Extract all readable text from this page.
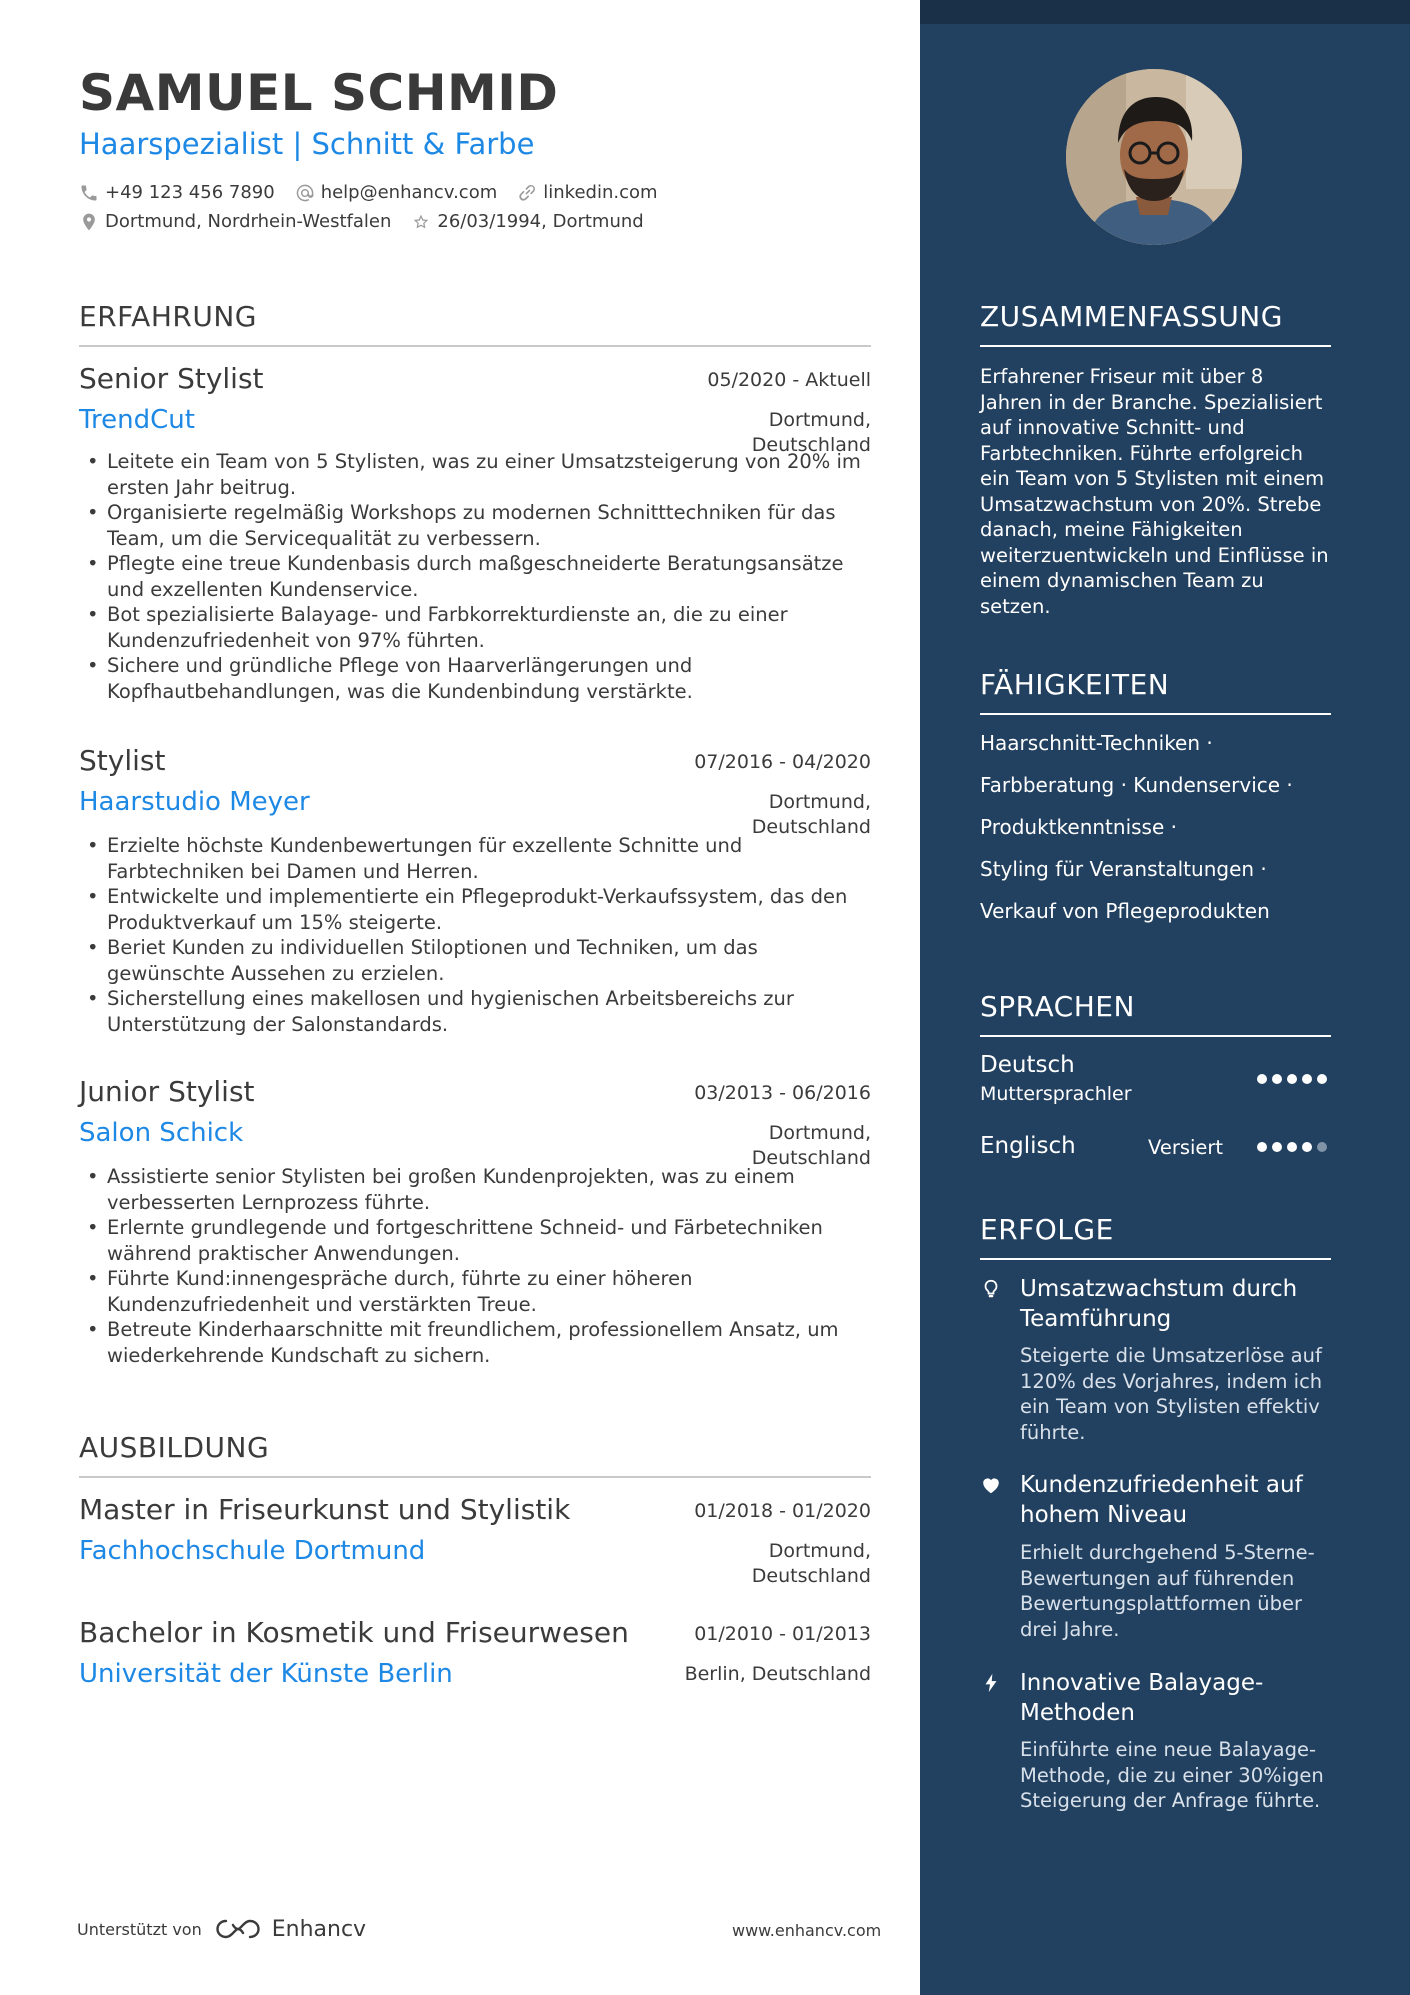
SAMUEL SCHMID
Haarspezialist | Schnitt & Farbe
+49 123 456 7890	help@enhancv.com	linkedin.com
Dortmund, Nordrhein-Westfalen	26/03/1994, Dortmund
ERFAHRUNG
Senior Stylist	05/2020 - Aktuell
TrendCut	Dortmund,
Deutschland
• Leitete ein Team von 5 Stylisten, was zu einer Umsatzsteigerung von 20% im ersten Jahr beitrug.
• Organisierte regelmäßig Workshops zu modernen Schnitttechniken für das Team, um die Servicequalität zu verbessern.
• Pflegte eine treue Kundenbasis durch maßgeschneiderte Beratungsansätze und exzellenten Kundenservice.
• Bot spezialisierte Balayage- und Farbkorrekturdienste an, die zu einer Kundenzufriedenheit von 97% führten.
• Sichere und gründliche Pflege von Haarverlängerungen und Kopfhautbehandlungen, was die Kundenbindung verstärkte.
Stylist	07/2016 - 04/2020
Haarstudio Meyer	Dortmund,
Deutschland
• Erzielte höchste Kundenbewertungen für exzellente Schnitte und Farbtechniken bei Damen und Herren.
• Entwickelte und implementierte ein Pflegeprodukt-Verkaufssystem, das den Produktverkauf um 15% steigerte.
• Beriet Kunden zu individuellen Stiloptionen und Techniken, um das gewünschte Aussehen zu erzielen.
• Sicherstellung eines makellosen und hygienischen Arbeitsbereichs zur Unterstützung der Salonstandards.
Junior Stylist	03/2013 - 06/2016
Salon Schick	Dortmund,
Deutschland
• Assistierte senior Stylisten bei großen Kundenprojekten, was zu einem verbesserten Lernprozess führte.
• Erlernte grundlegende und fortgeschrittene Schneid- und Färbetechniken während praktischer Anwendungen.
• Führte Kund:innengespräche durch, führte zu einer höheren Kundenzufriedenheit und verstärkten Treue.
• Betreute Kinderhaarschnitte mit freundlichem, professionellem Ansatz, um wiederkehrende Kundschaft zu sichern.
AUSBILDUNG
Master in Friseurkunst und Stylistik	01/2018 - 01/2020
Fachhochschule Dortmund	Dortmund,
Deutschland
Bachelor in Kosmetik und Friseurwesen	01/2010 - 01/2013
Universität der Künste Berlin	Berlin, Deutschland
Unterstützt von	Enhancv	www.enhancv.com
ZUSAMMENFASSUNG
Erfahrener Friseur mit über 8 Jahren in der Branche. Spezialisiert auf innovative Schnitt- und Farbtechniken. Führte erfolgreich ein Team von 5 Stylisten mit einem Umsatzwachstum von 20%. Strebe danach, meine Fähigkeiten weiterzuentwickeln und Einflüsse in einem dynamischen Team zu setzen.
FÄHIGKEITEN
Haarschnitt-Techniken ·
Farbberatung · Kundenservice ·
Produktkenntnisse ·
Styling für Veranstaltungen ·
Verkauf von Pflegeprodukten
SPRACHEN
Deutsch
Muttersprachler
Englisch	Versiert
ERFOLGE
Umsatzwachstum durch Teamführung
Steigerte die Umsatzerlöse auf 120% des Vorjahres, indem ich ein Team von Stylisten effektiv führte.
Kundenzufriedenheit auf hohem Niveau
Erhielt durchgehend 5-Sterne-Bewertungen auf führenden Bewertungsplattformen über drei Jahre.
Innovative Balayage-Methoden
Einführte eine neue Balayage-Methode, die zu einer 30%igen Steigerung der Anfrage führte.
